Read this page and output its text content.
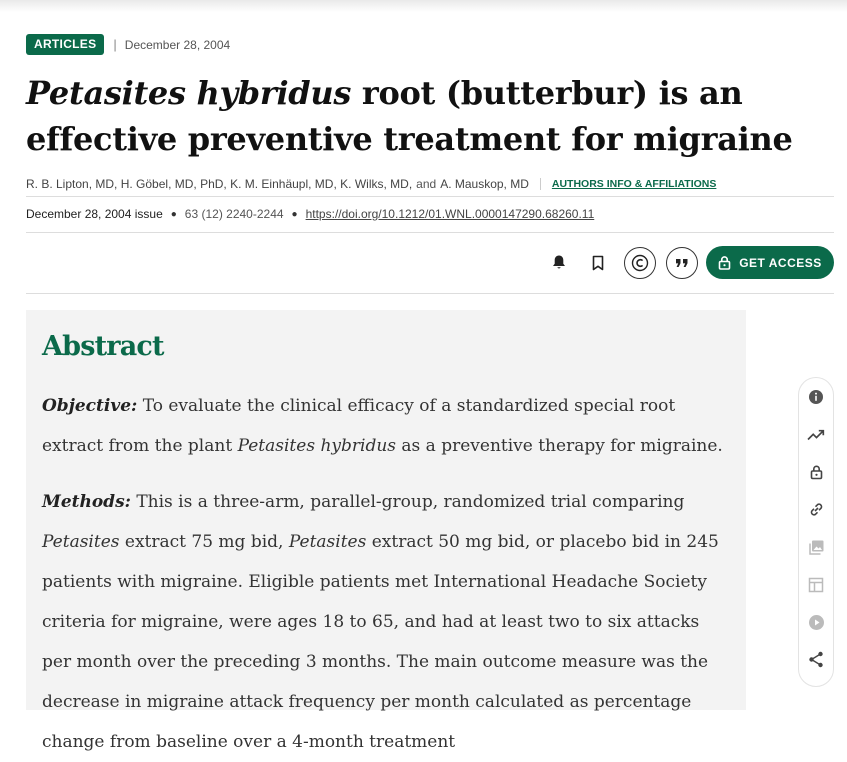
ARTICLES	| December 28, 2004
Petasites hybridus root (butterbur) is an effective preventive treatment for migraine
R. B. Lipton, MD,
H. Göbel, MD, PhD,
K. M. Einhäupl, MD,
K. Wilks, MD, and A. Mauskop, MD AUTHORS INFO & AFFILIATIONS
December 28, 2004 issue ● 63 (12) 2240-2244 ● https://doi.org/10.1212/01.WNL.0000147290.68260.11
GET ACCESS
Abstract

Objective: To evaluate the clinical efficacy of a standardized special root extract from the plant Petasites hybridus as a preventive therapy for migraine.

Methods: This is a three-arm, parallel-group, randomized trial comparing Petasites extract 75 mg bid, Petasites extract 50 mg bid, or placebo bid in 245 patients with migraine. Eligible patients met International Headache Society criteria for migraine, were ages 18 to 65, and had at least two to six attacks per month over the preceding 3 months. The main outcome measure was the decrease in migraine attack frequency per month calculated as percentage change from baseline over a 4-month treatment
